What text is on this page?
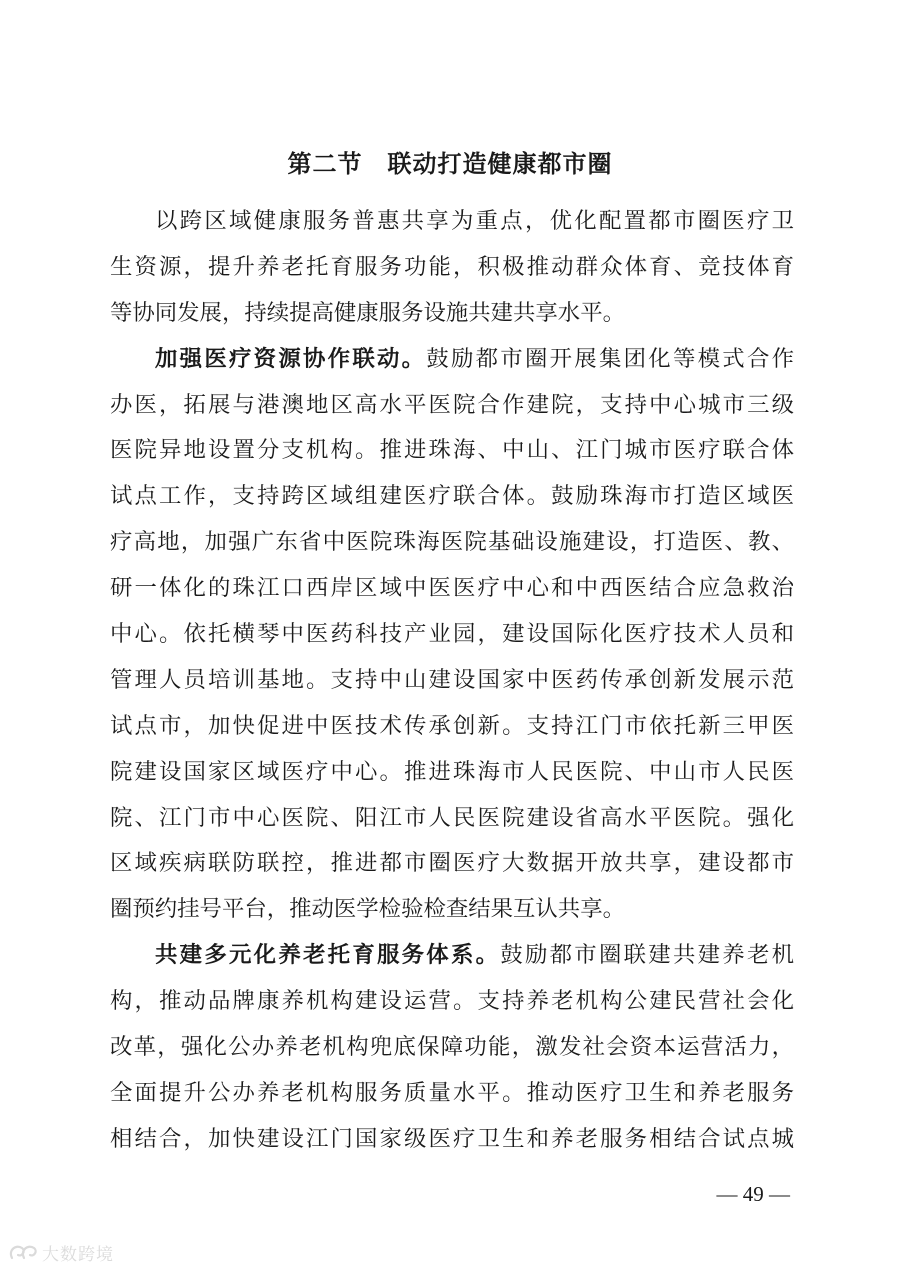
第二节　联动打造健康都市圈
以跨区域健康服务普惠共享为重点，优化配置都市圈医疗卫
生资源，提升养老托育服务功能，积极推动群众体育、竞技体育
等协同发展，持续提高健康服务设施共建共享水平。
加强医疗资源协作联动。鼓励都市圈开展集团化等模式合作
办医，拓展与港澳地区高水平医院合作建院，支持中心城市三级
医院异地设置分支机构。推进珠海、中山、江门城市医疗联合体
试点工作，支持跨区域组建医疗联合体。鼓励珠海市打造区域医
疗高地，加强广东省中医院珠海医院基础设施建设，打造医、教、
研一体化的珠江口西岸区域中医医疗中心和中西医结合应急救治
中心。依托横琴中医药科技产业园，建设国际化医疗技术人员和
管理人员培训基地。支持中山建设国家中医药传承创新发展示范
试点市，加快促进中医技术传承创新。支持江门市依托新三甲医
院建设国家区域医疗中心。推进珠海市人民医院、中山市人民医
院、江门市中心医院、阳江市人民医院建设省高水平医院。强化
区域疾病联防联控，推进都市圈医疗大数据开放共享，建设都市
圈预约挂号平台，推动医学检验检查结果互认共享。
共建多元化养老托育服务体系。鼓励都市圈联建共建养老机
构，推动品牌康养机构建设运营。支持养老机构公建民营社会化
改革，强化公办养老机构兜底保障功能，激发社会资本运营活力，
全面提升公办养老机构服务质量水平。推动医疗卫生和养老服务
相结合，加快建设江门国家级医疗卫生和养老服务相结合试点城
— 49 —
大数跨境
